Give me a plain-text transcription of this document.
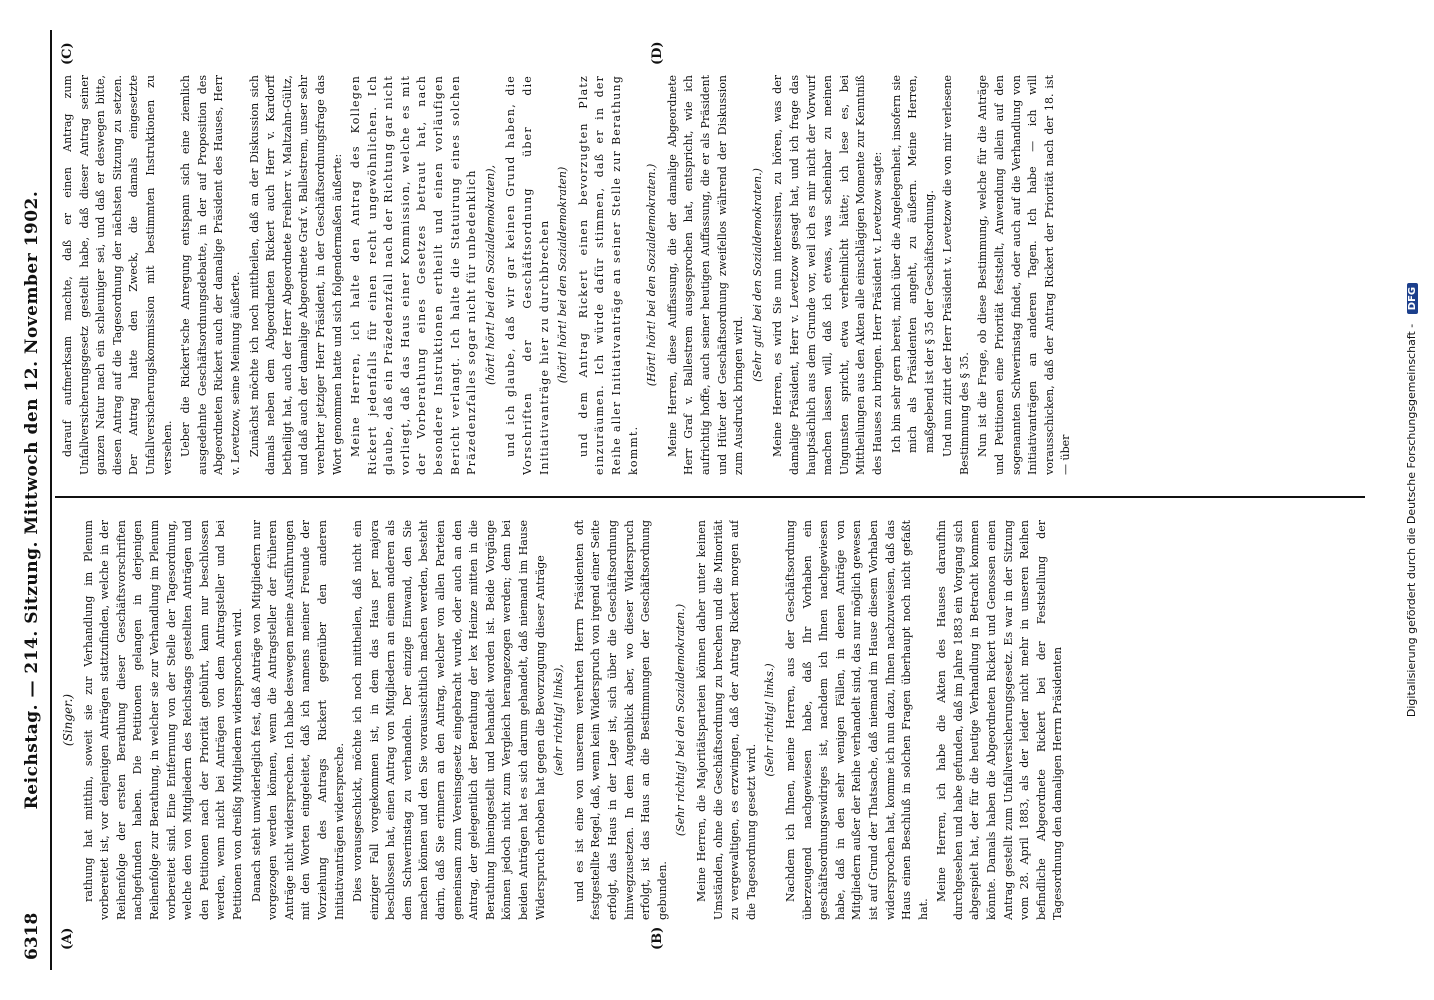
6318
Reichstag. — 214. Sitzung. Mittwoch den 12. November 1902.
(A)	(B)
(C)	(D)
(Singer.) rathung hat mitthin, soweit sie zur Verhandlung im Plenum vorbereitet ist, vor denjenigen Anträgen stattzufinden, welche in der Reihenfolge der ersten Berathung dieser Geschäftsvorschriften nachgefunden haben. Die Petitionen gelangen in derjenigen Reihenfolge zur Berathung, in welcher sie zur Verhandlung im Plenum vorbereitet sind. Eine Entfernung von der Stelle der Tagesordnung, welche den von Mitgliedern des Reichstags gestellten Anträgen und den Petitionen nach der Priorität gebührt, kann nur beschlossen werden, wenn nicht bei Anträgen von dem Antragsteller und bei Petitionen von dreißig Mitgliedern widersprochen wird. Danach steht unwiderleglich fest, daß Anträge von Mitgliedern nur vorgezogen werden können, wenn die Antragsteller der früheren Anträge nicht widersprechen. Ich habe deswegen meine Ausführungen mit den Worten eingeleitet, daß ich namens meiner Freunde der Vorziehung des Antrags Rickert gegenüber den anderen Initiativanträgen widerspreche. Dies vorausgeschickt, möchte ich noch mittheilen, daß nicht ein einziger Fall vorgekommen ist, in dem das Haus per majora beschlossen hat, einen Antrag von Mitgliedern an einem anderen als dem Schwerinstag zu verhandeln. Der einzige Einwand, den Sie machen können und den Sie voraussichtlich machen werden, besteht darin, daß Sie erinnern an den Antrag, welcher von allen Parteien gemeinsam zum Vereinsgesetz eingebracht wurde, oder auch an den Antrag, der gelegentlich der Berathung der lex Heinze mitten in die Berathung hineingestellt und behandelt worden ist. Beide Vorgänge können jedoch nicht zum Vergleich herangezogen werden; denn bei beiden Anträgen hat es sich darum gehandelt, daß niemand im Hause Widerspruch erhoben hat gegen die Bevorzugung dieser Anträge (sehr richtig! links), und es ist eine von unserem verehrten Herrn Präsidenten oft festgestellte Regel, daß, wenn kein Widerspruch von irgend einer Seite erfolgt, das Haus in der Lage ist, sich über die Geschäftsordnung hinwegzusetzen. In dem Augenblick aber, wo dieser Widerspruch erfolgt, ist das Haus an die Bestimmungen der Geschäftsordnung gebunden.

(Sehr richtig! bei den Sozialdemokraten.) Meine Herren, die Majoritätsparteien können daher unter keinen Umständen, ohne die Geschäftsordnung zu brechen und die Minorität zu vergewaltigen, es erzwingen, daß der Antrag Rickert morgen auf die Tagesordnung gesetzt wird.

(Sehr richtig! links.) Nachdem ich Ihnen, meine Herren, aus der Geschäftsordnung überzeugend nachgewiesen habe, daß Ihr Vorhaben ein geschäftsordnungswidriges ist, nachdem ich Ihnen nachgewiesen habe, daß in den sehr wenigen Fällen, in denen Anträge von Mitgliedern außer der Reihe verhandelt sind, das nur möglich gewesen ist auf Grund der Thatsache, daß niemand im Hause diesem Vorhaben widersprochen hat, komme ich nun dazu, Ihnen nachzuweisen, daß das Haus einen Beschluß in solchen Fragen überhaupt noch nicht gefaßt hat.

Meine Herren, ich habe die Akten des Hauses daraufhin durchgesehen und habe gefunden, daß im Jahre 1883 ein Vorgang sich abgespielt hat, der für die heutige Verhandlung in Betracht kommen könnte. Damals haben die Abgeordneten Rickert und Genossen einen Antrag gestellt zum Unfallversicherungsgesetz. Es war in der Sitzung vom 28. April 1883, als der leider nicht mehr in unseren Reihen befindliche Abgeordnete Rickert bei der Feststellung der Tagesordnung den damaligen Herrn Präsidenten

darauf aufmerksam machte, daß er einen Antrag zum Unfallversicherungsgesetz gestellt habe, daß dieser Antrag seiner ganzen Natur nach ein schleuniger sei, und daß er deswegen bitte, diesen Antrag auf die Tagesordnung der nächsten Sitzung zu setzen. Der Antrag hatte den Zweck, die damals eingesetzte Unfallversicherungskommission mit bestimmten Instruktionen zu versehen. Ueber die Rickert'sche Anregung entspann sich eine ziemlich ausgedehnte Geschäftsordnungsdebatte, in der auf Proposition des Abgeordneten Rickert auch der damalige Präsident des Hauses, Herr v. Levetzow, seine Meinung äußerte. Zunächst möchte ich noch mittheilen, daß an der Diskussion sich damals neben dem Abgeordneten Rickert auch Herr v. Kardorff betheiligt hat, auch der Herr Abgeordnete Freiherr v. Maltzahn-Gültz, und daß auch der damalige Abgeordnete Graf v. Ballestrem, unser sehr verehrter jetziger Herr Präsident, in der Geschäftsordnungsfrage das Wort genommen hatte und sich folgendermaßen äußerte: Meine Herren, ich halte den Antrag des Kollegen Rickert jedenfalls für einen recht ungewöhnlichen. Ich glaube, daß ein Präzedenzfall nach der Richtung gar nicht vorliegt, daß das Haus einer Kommission, welche es mit der Vorberathung eines Gesetzes betraut hat, nach besondere Instruktionen ertheilt und einen vorläufigen Bericht verlangt. Ich halte die Statuirung eines solchen Präzedenzfalles sogar nicht für unbedenklich (hört! hört! bei den Sozialdemokraten), und ich glaube, daß wir gar keinen Grund haben, die Vorschriften der Geschäftsordnung über die Initiativanträge hier zu durchbrechen (hört! hört! bei den Sozialdemokraten) und dem Antrag Rickert einen bevorzugten Platz einzuräumen. Ich würde dafür stimmen, daß er in der Reihe aller Initiativanträge an seiner Stelle zur Berathung kommt.

(Hört! hört! bei den Sozialdemokraten.) Meine Herren, diese Auffassung, die der damalige Abgeordnete Herr Graf v. Ballestrem ausgesprochen hat, entspricht, wie ich aufrichtig hoffe, auch seiner heutigen Auffassung, die er als Präsident und Hüter der Geschäftsordnung zweifellos während der Diskussion zum Ausdruck bringen wird.

(Sehr gut! bei den Sozialdemokraten.) Meine Herren, es wird Sie nun interessiren, zu hören, was der damalige Präsident, Herr v. Levetzow gesagt hat, und ich frage das hauptsächlich aus dem Grunde vor, weil ich es mir nicht der Vorwurf machen lassen will, daß ich etwas, was scheinbar zu meinen Ungunsten spricht, etwa verheimlicht hätte; ich lese es, bei Mittheilungen aus den Akten alle einschlägigen Momente zur Kenntniß des Hauses zu bringen. Herr Präsident v. Levetzow sagte: Ich bin sehr gern bereit, mich über die Angelegenheit, insofern sie mich als Präsidenten angeht, zu äußern. Meine Herren, maßgebend ist der § 35 der Geschäftsordnung. Und nun zitirt der Herr Präsident v. Levetzow die von mir verlesene Bestimmung des § 35. Nun ist die Frage, ob diese Bestimmung, welche für die Anträge und Petitionen eine Priorität feststellt, Anwendung allein auf den sogenannten Schwerinstag findet, oder auch auf die Verhandlung von Initiativanträgen an anderen Tagen. Ich habe — ich will vorausschicken, daß der Antrag Rickert der Priorität nach der 18. ist — über	Digitalisierung gefördert durch die Deutsche Forschungsgemeinschaft - DFG
